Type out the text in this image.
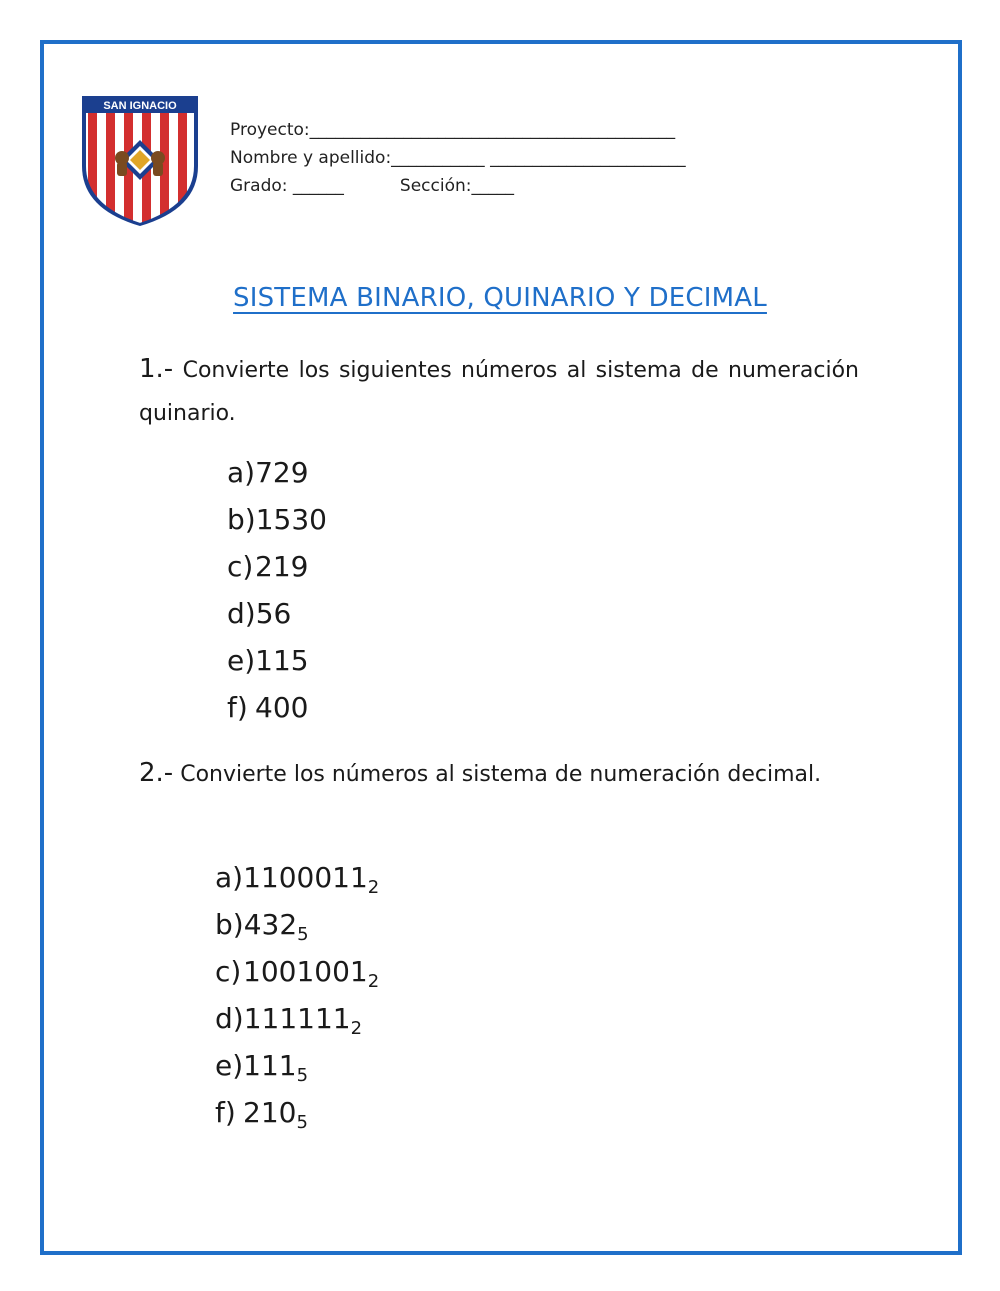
SAN IGNACIO
Proyecto:___________________________________________
Nombre y apellido:___________ _______________________
Grado: ______	Sección:_____
SISTEMA BINARIO, QUINARIO Y DECIMAL
1.- Convierte los siguientes números al sistema de numeración quinario.
a)729
b)1530
c)219
d)56
e)115
f) 400
2.- Convierte los números al sistema de numeración decimal.
$a)1100011_2$
$b)432_5$
$c)1001001_2$
$d)111111_2$
$e)111_5$
f) $210_5$
